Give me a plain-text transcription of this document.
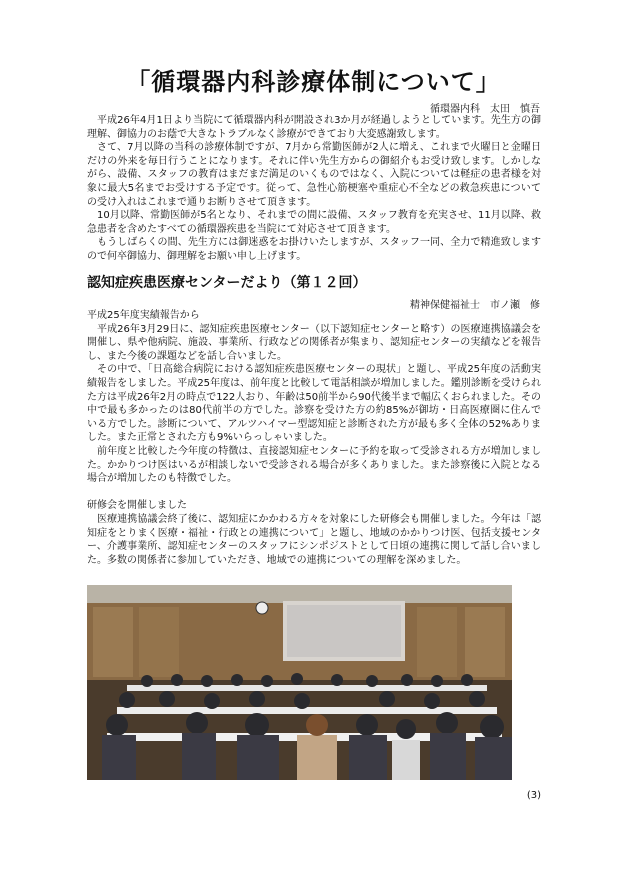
「循環器内科診療体制について」
循環器内科　太田　慎吾

平成26年4月1日より当院にて循環器内科が開設され3か月が経過しようとしています。先生方の御理解、御協力のお蔭で大きなトラブルなく診療ができており大変感謝致します。

さて、7月以降の当科の診療体制ですが、7月から常勤医師が2人に増え、これまで火曜日と金曜日だけの外来を毎日行うことになります。それに伴い先生方からの御紹介もお受け致します。しかしながら、設備、スタッフの教育はまだまだ満足のいくものではなく、入院については軽症の患者様を対象に最大5名までお受けする予定です。従って、急性心筋梗塞や重症心不全などの救急疾患についての受け入れはこれまで通りお断りさせて頂きます。

10月以降、常勤医師が5名となり、それまでの間に設備、スタッフ教育を充実させ、11月以降、救急患者を含めたすべての循環器疾患を当院にて対応させて頂きます。

もうしばらくの間、先生方には御迷惑をお掛けいたしますが、スタッフ一同、全力で精進致しますので何卒御協力、御理解をお願い申し上げます。

認知症疾患医療センターだより（第１２回）
精神保健福祉士　市ノ瀬　修

平成25年度実績報告から

平成26年3月29日に、認知症疾患医療センター（以下認知症センターと略す）の医療連携協議会を開催し、県や他病院、施設、事業所、行政などの関係者が集まり、認知症センターの実績などを報告し、また今後の課題などを話し合いました。

その中で、「日高総合病院における認知症疾患医療センターの現状」と題し、平成25年度の活動実績報告をしました。平成25年度は、前年度と比較して電話相談が増加しました。鑑別診断を受けられた方は平成26年2月の時点で122人おり、年齢は50前半から90代後半まで幅広くおられました。その中で最も多かったのは80代前半の方でした。診察を受けた方の約85%が御坊・日高医療圏に住んでいる方でした。診断について、アルツハイマー型認知症と診断された方が最も多く全体の52%ありました。また正常とされた方も9%いらっしゃいました。

前年度と比較した今年度の特徴は、直接認知症センターに予約を取って受診される方が増加しました。かかりつけ医はいるが相談しないで受診される場合が多くありました。また診察後に入院となる場合が増加したのも特徴でした。

研修会を開催しました

医療連携協議会終了後に、認知症にかかわる方々を対象にした研修会も開催しました。今年は「認知症をとりまく医療・福祉・行政との連携について」と題し、地域のかかりつけ医、包括支援センター、介護事業所、認知症センターのスタッフにシンポジストとして日頃の連携に関して話し合いました。多数の関係者に参加していただき、地域での連携についての理解を深めました。

(3)
